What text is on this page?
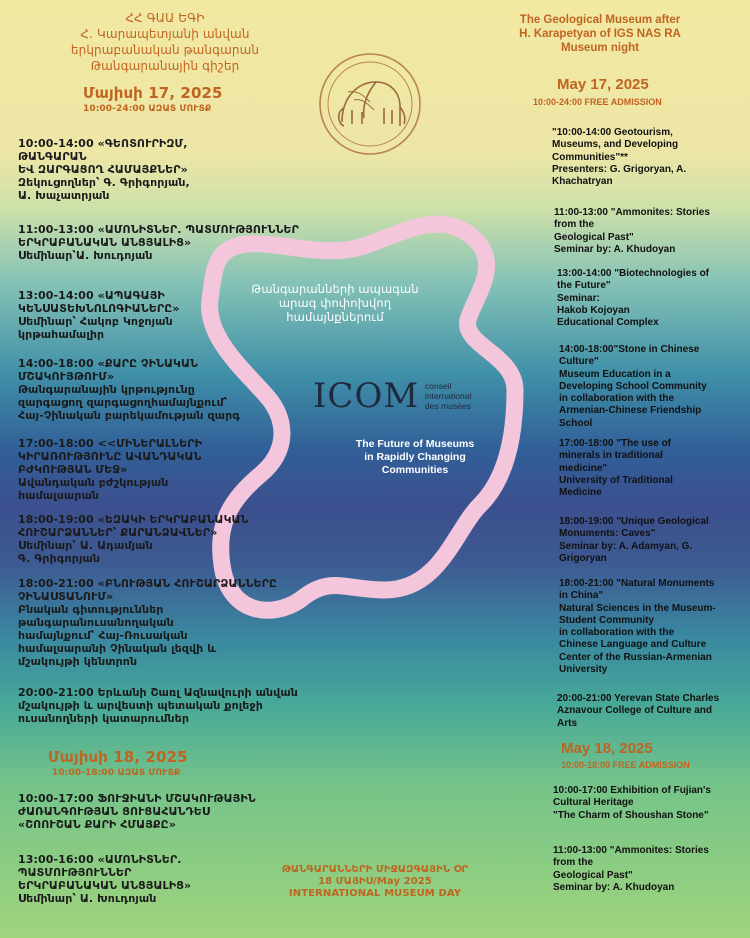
ՀՀ ԳԱԱ ԵԳԻ
Հ. Կարապետյանի անվան
երկրաբանական թանգարան
Թանգարանային գիշեր
Մայիսի 17, 2025
10:00-24:00 ԱԶԱՏ ՄՈՒՏՔ
10:00-14:00 «ԳԵՈՏՈՒՐԻԶՄ,
ԹԱՆԳԱՐԱՆ
ԵՎ ԶԱՐԳԱՑՈՂ ՀԱՄԱՅՔՆԵՐ»
Զեկուցողներ՝ Գ. Գրիգորյան,
Ա. Խաչատրյան
11:00-13:00 «ԱՄՈՆԻՏՆԵՐ. ՊԱՏՄՈՒԹՅՈՒՆՆԵՐ
ԵՐԿՐԱԲԱՆԱԿԱՆ ԱՆՑՅԱԼԻՑ»
Սեմինար՝Ա. Խուդոյան
13:00-14:00 «ԱՊԱԳԱՅԻ
ԿԵՆՍԱՏԵԽՆՈԼՈԳԻԱՆԵՐԸ»
Սեմինար՝ Հակոբ Կոջոյան
կրթահամալիր
14:00-18:00 «ՔԱՐԸ ՉԻՆԱԿԱՆ
ՄՇԱԿՈՒՅԹՈՒՄ»
Թանգարանային կրթությունը
զարգացող զարգացողհամայնքում՝
Հայ-Չինական բարեկամության զարգ
17:00-18:00 <<ՄԻՆԵՐԱԼՆԵՐԻ
ԿԻՐԱՌՈՒԹՅՈՒՆԸ ԱՎԱՆԴԱԿԱՆ
ԲԺԿՈՒԹՅԱՆ ՄԵՋ»
Ավանդական բժշկության
համալսարան
18:00-19:00 «ԵԶԱԿԻ ԵՐԿՐԱԲԱՆԱԿԱՆ
ՀՈՒՇԱՐՁԱՆՆԵՐ՝ ՔԱՐԱՆՁԱՎՆԵՐ»
Սեմինար՝ Ա. Ադամյան
Գ. Գրիգորյան
18:00-21:00 «ԲՆՈՒԹՅԱՆ ՀՈՒՇԱՐՁԱՆՆԵՐԸ
ՉԻՆԱՍՏԱՆՈՒՄ»
Բնական գիտություններ
թանգարանուսանողական
համայնքում՝ Հայ-Ռուսական
համալսարանի Չինական լեզվի և
մշակույթի կենտրոն
20:00-21:00 Երևանի Շառլ Ազնավուրի անվան
մշակույթի և արվեստի պետական քոլեջի
ուսանողների կատարումներ
Մայիսի 18, 2025
10:00-18:00 ԱԶԱՏ ՄՈՒՏՔ
10:00-17:00 ՖՈՒՋԻԱՆԻ ՄՇԱԿՈՒԹԱՅԻՆ
ԺԱՌԱՆԳՈՒԹՅԱՆ ՑՈՒՑԱՀԱՆԴԵՍ
«ՇՈՈՒՇԱՆ ՔԱՐԻ ՀՄԱՅՔԸ»
13:00-16:00 «ԱՄՈՆԻՏՆԵՐ.
ՊԱՏՄՈՒԹՅՈՒՆՆԵՐ
ԵՐԿՐԱԲԱՆԱԿԱՆ ԱՆՑՅԱԼԻՑ»
Սեմինար՝ Ա. Խուդոյան
The Geological Museum after
H. Karapetyan of IGS NAS RA
Museum night
May 17, 2025
10:00-24:00 FREE ADMISSION
"10:00-14:00 Geotourism,
Museums, and Developing
Communities"**
Presenters: G. Grigoryan, A.
Khachatryan
11:00-13:00 "Ammonites: Stories
from the
Geological Past"
Seminar by: A. Khudoyan
13:00-14:00 "Biotechnologies of
the Future"
Seminar:
Hakob Kojoyan
Educational Complex
14:00-18:00"Stone in Chinese
Culture"
Museum Education in a
Developing School Community
in collaboration with the
Armenian-Chinese Friendship
School
17:00-18:00 "The use of
minerals in traditional
medicine"
University of Traditional
Medicine
18:00-19:00 "Unique Geological
Monuments: Caves"
Seminar by: A. Adamyan, G.
Grigoryan
18:00-21:00 "Natural Monuments
in China"
Natural Sciences in the Museum-
Student Community
in collaboration with the
Chinese Language and Culture
Center of the Russian-Armenian
University
20:00-21:00 Yerevan State Charles
Aznavour College of Culture and
Arts
May 18, 2025
10:00-18:00 FREE ADMISSION
10:00-17:00 Exhibition of Fujian's
Cultural Heritage
"The Charm of Shoushan Stone"
11:00-13:00 "Ammonites: Stories
from the
Geological Past"
Seminar by: A. Khudoyan
Թանգարանների ապագան
արագ փոփոխվող
համայնքներում
ICOM conseil
international
des musées
The Future of Museums
in Rapidly Changing
Communities
ԹԱՆԳԱՐԱՆՆԵՐԻ ՄԻՋԱԶԳԱՅԻՆ ՕՐ
18 ՄԱՅԻՍ/May 2025
INTERNATIONAL MUSEUM DAY
